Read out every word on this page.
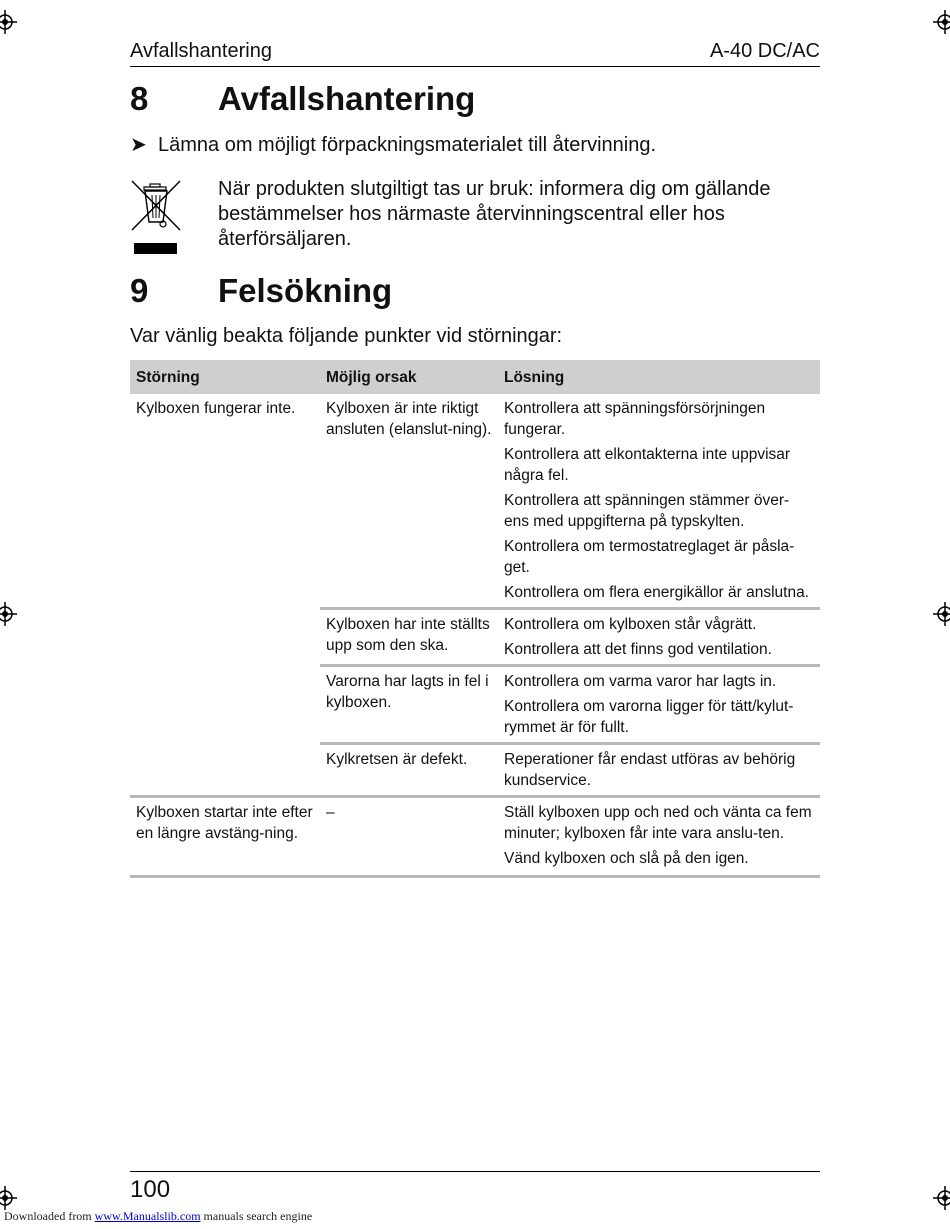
Avfallshantering	A-40 DC/AC
8 Avfallshantering
➤ Lämna om möjligt förpackningsmaterialet till återvinning.
När produkten slutgiltigt tas ur bruk: informera dig om gällande bestämmelser hos närmaste återvinningscentral eller hos återförsäljaren.
9 Felsökning
Var vänlig beakta följande punkter vid störningar:
Störning	Möjlig orsak	Lösning
Kylboxen fungerar inte.	Kylboxen är inte riktigt ansluten (elanslut-ning).	Kontrollera att spänningsförsörjningen fungerar.
Kontrollera att elkontakterna inte uppvisar några fel.
Kontrollera att spänningen stämmer över-ens med uppgifterna på typskylten.
Kontrollera om termostatreglaget är påsla-get.
Kontrollera om flera energikällor är anslutna.

	Kylboxen har inte ställts upp som den ska.	Kontrollera om kylboxen står vågrätt.
Kontrollera att det finns god ventilation.

	Varorna har lagts in fel i kylboxen.	Kontrollera om varma varor har lagts in.
Kontrollera om varorna ligger för tätt/kylut-rymmet är för fullt.

	Kylkretsen är defekt.	Reperationer får endast utföras av behörig kundservice.

Kylboxen startar inte efter en längre avstäng-ning.	–	Ställ kylboxen upp och ned och vänta ca fem minuter; kylboxen får inte vara anslu-ten.
Vänd kylboxen och slå på den igen.
100
Downloaded from www.Manualslib.com manuals search engine
